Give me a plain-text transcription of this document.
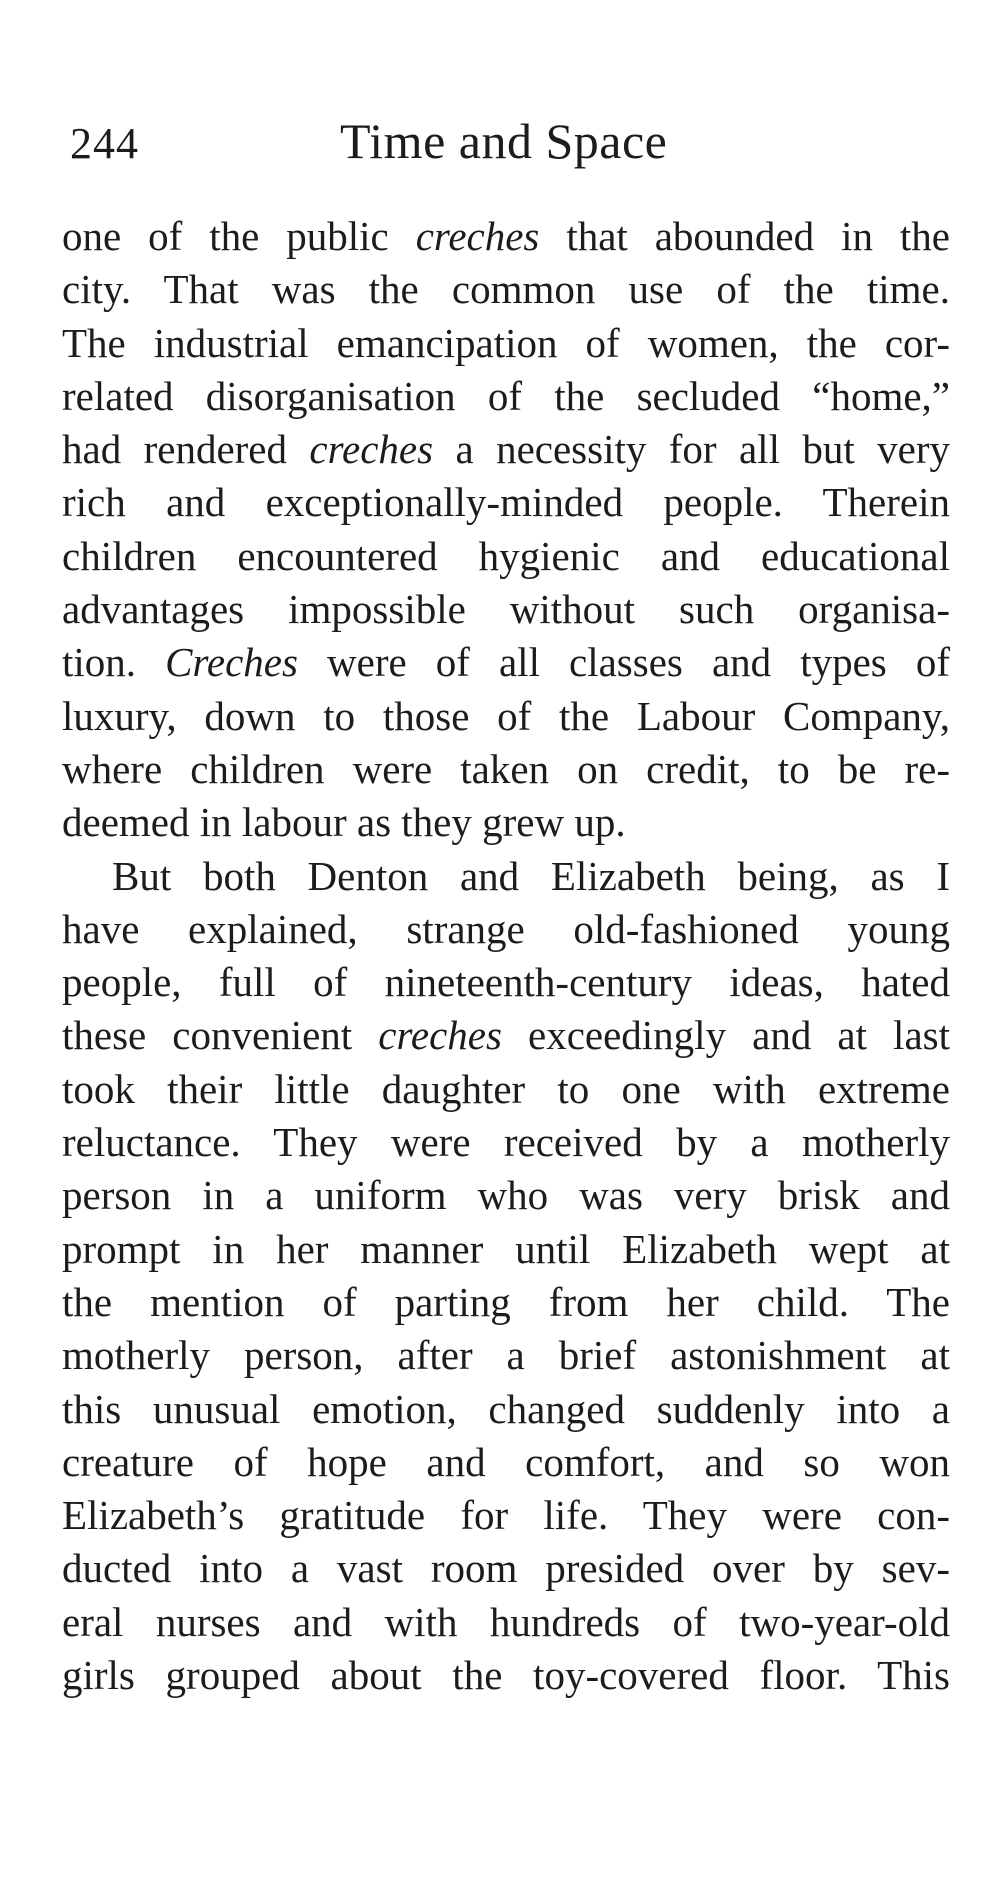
244	Time and Space
one of the public creches that abounded in the
city. That was the common use of the time.
The industrial emancipation of women, the cor-
related disorganisation of the secluded “home,”
had rendered creches a necessity for all but very
rich and exceptionally-minded people. Therein
children encountered hygienic and educational
advantages impossible without such organisa-
tion. Creches were of all classes and types of
luxury, down to those of the Labour Company,
where children were taken on credit, to be re-
deemed in labour as they grew up.
But both Denton and Elizabeth being, as I
have explained, strange old-fashioned young
people, full of nineteenth-century ideas, hated
these convenient creches exceedingly and at last
took their little daughter to one with extreme
reluctance. They were received by a motherly
person in a uniform who was very brisk and
prompt in her manner until Elizabeth wept at
the mention of parting from her child. The
motherly person, after a brief astonishment at
this unusual emotion, changed suddenly into a
creature of hope and comfort, and so won
Elizabeth’s gratitude for life. They were con-
ducted into a vast room presided over by sev-
eral nurses and with hundreds of two-year-old
girls grouped about the toy-covered floor. This
